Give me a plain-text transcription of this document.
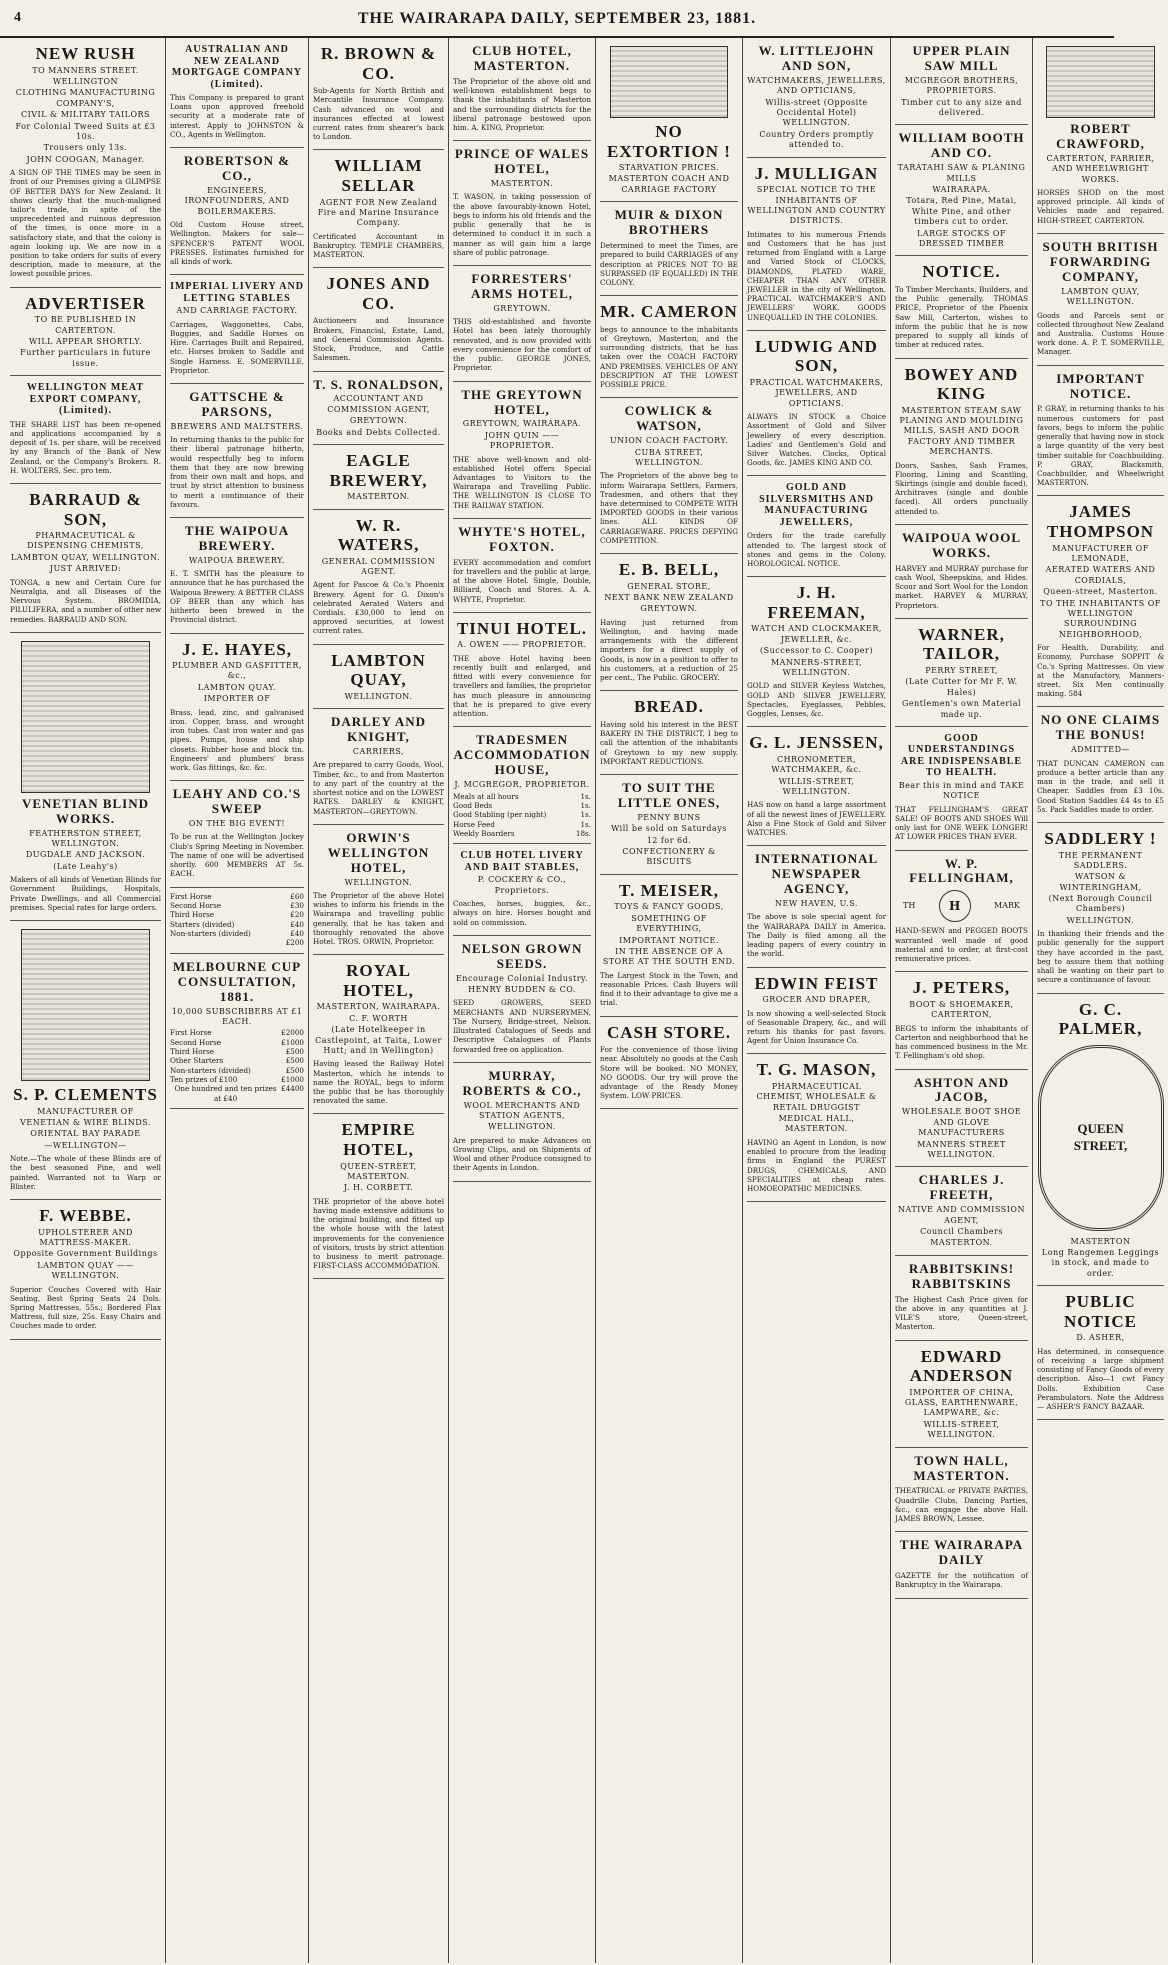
4	THE WAIRARAPA DAILY, SEPTEMBER 23, 1881.
NEW RUSH
TO MANNERS STREET.
WELLINGTON
CLOTHING MANUFACTURING COMPANY'S,
CIVIL & MILITARY TAILORS
For Colonial Tweed Suits at £3 10s.
Trousers only 13s.
JOHN COOGAN, Manager.
A SIGN OF THE TIMES may be seen in front of our Premises giving a GLIMPSE OF BETTER DAYS for New Zealand. It shows clearly that the much-maligned tailor's trade, in spite of the unprecedented and ruinous depression of the times, is once more in a satisfactory state, and that the colony is again looking up. We are now in a position to take orders for suits of every description, made to measure, at the lowest possible prices.
ADVERTISER
TO BE PUBLISHED IN CARTERTON.
WILL APPEAR SHORTLY.
Further particulars in future issue.
WELLINGTON MEAT EXPORT COMPANY, (Limited).
THE SHARE LIST has been re-opened and applications accompanied by a deposit of 1s. per share, will be received by any Branch of the Bank of New Zealand, or the Company's Brokers. R. H. WOLTERS, Sec. pro tem.
BARRAUD & SON,
PHARMACEUTICAL & DISPENSING CHEMISTS,
LAMBTON QUAY, WELLINGTON.
JUST ARRIVED:
TONGA, a new and Certain Cure for Neuralgia, and all Diseases of the Nervous System. BROMIDIA, PILULIFERA, and a number of other new remedies. BARRAUD AND SON.
VENETIAN BLIND WORKS.
FEATHERSTON STREET, WELLINGTON.
DUGDALE AND JACKSON.
(Late Leahy's)
Makers of all kinds of Venetian Blinds for Government Buildings, Hospitals, Private Dwellings, and all Commercial premises. Special rates for large orders.
S. P. CLEMENTS
MANUFACTURER OF
VENETIAN & WIRE BLINDS.
ORIENTAL BAY PARADE
—WELLINGTON—
Note.—The whole of these Blinds are of the best seasoned Pine, and well painted. Warranted not to Warp or Blister.
F. WEBBE.
UPHOLSTERER AND MATTRESS-MAKER.
Opposite Government Buildings
LAMBTON QUAY —— WELLINGTON.
Superior Couches Covered with Hair Seating, Best Spring Seats 24 Dols. Spring Mattresses, 55s.; Bordered Flax Mattress, full size, 25s. Easy Chairs and Couches made to order.
AUSTRALIAN AND NEW ZEALAND MORTGAGE COMPANY (Limited).
This Company is prepared to grant Loans upon approved freehold security at a moderate rate of interest. Apply to JOHNSTON & CO., Agents in Wellington.
ROBERTSON & CO.,
ENGINEERS, IRONFOUNDERS, AND BOILERMAKERS.
Old Custom House street, Wellington. Makers for sale— SPENCER'S PATENT WOOL PRESSES. Estimates furnished for all kinds of work.
IMPERIAL LIVERY AND LETTING STABLES
AND CARRIAGE FACTORY.
Carriages, Waggonettes, Cabs, Buggies, and Saddle Horses on Hire. Carriages Built and Repaired, etc. Horses broken to Saddle and Single Harness. E. SOMERVILLE, Proprietor.
GATTSCHE & PARSONS,
BREWERS AND MALTSTERS.
In returning thanks to the public for their liberal patronage hitherto, would respectfully beg to inform them that they are now brewing from their own malt and hops, and trust by strict attention to business to merit a continuance of their favours.
THE WAIPOUA BREWERY.
WAIPOUA BREWERY.
E. T. SMITH has the pleasure to announce that he has purchased the Waipoua Brewery. A BETTER CLASS OF BEER than any which has hitherto been brewed in the Provincial district.
J. E. HAYES,
PLUMBER AND GASFITTER, &c.,
LAMBTON QUAY.
IMPORTER OF
Brass, lead, zinc, and galvanised iron. Copper, brass, and wrought iron tubes. Cast iron water and gas pipes. Pumps, house and ship closets. Rubber hose and block tin. Engineers' and plumbers' brass work. Gas fittings, &c. &c.
LEAHY AND CO.'S SWEEP
ON THE BIG EVENT!
To be run at the Wellington Jockey Club's Spring Meeting in November. The name of one will be advertised shortly. 600 MEMBERS AT 5s. EACH.
First Horse	£60
Second Horse	£30
Third Horse	£20
Starters (divided)	£40
Non-starters (divided)	£40
£200
MELBOURNE CUP CONSULTATION, 1881.
10,000 SUBSCRIBERS AT £1 EACH.
First Horse	£2000
Second Horse	£1000
Third Horse	£500
Other Starters	£500
Non-starters (divided)	£500
Ten prizes of £100	£1000
One hundred and ten prizes at £40
£4400
R. BROWN & CO.
Sub-Agents for North British and Mercantile Insurance Company. Cash advanced on wool and insurances effected at lowest current rates from shearer's back to London.
WILLIAM SELLAR
AGENT FOR New Zealand Fire and Marine Insurance Company.
Certificated Accountant in Bankruptcy. TEMPLE CHAMBERS, MASTERTON.
JONES AND CO.
Auctioneers and Insurance Brokers, Financial, Estate, Land, and General Commission Agents. Stock, Produce, and Cattle Salesmen.
T. S. RONALDSON,
ACCOUNTANT AND COMMISSION AGENT,
GREYTOWN.
Books and Debts Collected.
EAGLE BREWERY,
MASTERTON.
W. R. WATERS,
GENERAL COMMISSION AGENT.
Agent for Pascoe & Co.'s Phoenix Brewery. Agent for G. Dixon's celebrated Aerated Waters and Cordials. £30,000 to lend on approved securities, at lowest current rates.
LAMBTON QUAY,
WELLINGTON.
DARLEY AND KNIGHT,
CARRIERS,
Are prepared to carry Goods, Wool, Timber, &c., to and from Masterton to any part of the country at the shortest notice and on the LOWEST RATES. DARLEY & KNIGHT, MASTERTON—GREYTOWN.
ORWIN'S WELLINGTON HOTEL,
WELLINGTON.
The Proprietor of the above Hotel wishes to inform his friends in the Wairarapa and travelling public generally, that he has taken and thoroughly renovated the above Hotel. TROS. ORWIN, Proprietor.
ROYAL HOTEL,
MASTERTON, WAIRARAPA.
C. F. WORTH
(Late Hotelkeeper in Castlepoint, at Taita, Lower Hutt; and in Wellington)
Having leased the Railway Hotel Masterton, which he intends to name the ROYAL, begs to inform the public that he has thoroughly renovated the same.
EMPIRE HOTEL,
QUEEN-STREET, MASTERTON.
J. H. CORBETT.
THE proprietor of the above hotel having made extensive additions to the original building, and fitted up the whole house with the latest improvements for the convenience of visitors, trusts by strict attention to business to merit patronage. FIRST-CLASS ACCOMMODATION.
CLUB HOTEL, MASTERTON.
The Proprietor of the above old and well-known establishment begs to thank the inhabitants of Masterton and the surrounding districts for the liberal patronage bestowed upon him. A. KING, Proprietor.
PRINCE OF WALES HOTEL,
MASTERTON.
T. WASON, in taking possession of the above favourably-known Hotel, begs to inform his old friends and the public generally that he is determined to conduct it in such a manner as will gain him a large share of public patronage.
FORRESTERS' ARMS HOTEL,
GREYTOWN.
THIS old-established and favorite Hotel has been lately thoroughly renovated, and is now provided with every convenience for the comfort of the public. GEORGE JONES, Proprietor.
THE GREYTOWN HOTEL,
GREYTOWN, WAIRARAPA.
JOHN QUIN —— PROPRIETOR.
THE above well-known and old-established Hotel offers Special Advantages to Visitors to the Wairarapa and Travelling Public. THE WELLINGTON IS CLOSE TO THE RAILWAY STATION.
WHYTE'S HOTEL, FOXTON.
EVERY accommodation and comfort for travellers and the public at large, at the above Hotel. Single, Double, Billiard, Coach and Stores. A. A. WHYTE, Proprietor.
TINUI HOTEL.
A. OWEN —— PROPRIETOR.
THE above Hotel having been recently built and enlarged, and fitted with every convenience for travellers and families, the proprietor has much pleasure in announcing that he is prepared to give every attention.
TRADESMEN ACCOMMODATION HOUSE,
J. MCGREGOR, PROPRIETOR.
Meals at all hours	1s.
Good Beds	1s.
Good Stabling (per night)	1s.
Horse Feed	1s.
Weekly Boarders	18s.
CLUB HOTEL LIVERY AND BAIT STABLES,
P. COCKERY & CO., Proprietors.
Coaches, horses, buggies, &c., always on hire. Horses bought and sold on commission.
NELSON GROWN SEEDS.
Encourage Colonial Industry.
HENRY BUDDEN & CO.
SEED GROWERS, SEED MERCHANTS AND NURSERYMEN, The Nursery, Bridge-street, Nelson. Illustrated Catalogues of Seeds and Descriptive Catalogues of Plants forwarded free on application.
MURRAY, ROBERTS & CO.,
WOOL MERCHANTS AND STATION AGENTS,
WELLINGTON.
Are prepared to make Advances on Growing Clips, and on Shipments of Wool and other Produce consigned to their Agents in London.
NO EXTORTION !
STARVATION PRICES.
MASTERTON COACH AND CARRIAGE FACTORY
MUIR & DIXON BROTHERS
Determined to meet the Times, are prepared to build CARRIAGES of any description at PRICES NOT TO BE SURPASSED (IF EQUALLED) IN THE COLONY.
MR. CAMERON
begs to announce to the inhabitants of Greytown, Masterton, and the surrounding districts, that he has taken over the COACH FACTORY AND PREMISES. VEHICLES OF ANY DESCRIPTION AT THE LOWEST POSSIBLE PRICE.
COWLICK & WATSON,
UNION COACH FACTORY.
CUBA STREET, WELLINGTON.
The Proprietors of the above beg to inform Wairarapa Settlers, Farmers, Tradesmen, and others that they have determined to COMPETE WITH IMPORTED GOODS in their various lines. ALL KINDS OF CARRIAGEWARE. PRICES DEFYING COMPETITION.
E. B. BELL,
GENERAL STORE,
NEXT BANK NEW ZEALAND
GREYTOWN.
Having just returned from Wellington, and having made arrangements with the different importers for a direct supply of Goods, is now in a position to offer to his customers, at a reduction of 25 per cent., The Public. GROCERY.
BREAD.
Having sold his interest in the BEST BAKERY IN THE DISTRICT, I beg to call the attention of the inhabitants of Greytown to my new supply. IMPORTANT REDUCTIONS.
TO SUIT THE LITTLE ONES,
PENNY BUNS
Will be sold on Saturdays
12 for 6d.
CONFECTIONERY & BISCUITS
T. MEISER,
TOYS & FANCY GOODS,
SOMETHING OF EVERYTHING,
IMPORTANT NOTICE.
IN THE ABSENCE OF A STORE AT THE SOUTH END.
The Largest Stock in the Town, and reasonable Prices. Cash Buyers will find it to their advantage to give me a trial.
CASH STORE.
For the convenience of those living near. Absolutely no goods at the Cash Store will be booked. NO MONEY, NO GOODS. Our try will prove the advantage of the Ready Money System. LOW PRICES.
W. LITTLEJOHN AND SON,
WATCHMAKERS, JEWELLERS, AND OPTICIANS,
Willis-street (Opposite Occidental Hotel) WELLINGTON.
Country Orders promptly attended to.
J. MULLIGAN
SPECIAL NOTICE TO THE INHABITANTS OF WELLINGTON AND COUNTRY DISTRICTS.
Intimates to his numerous Friends and Customers that he has just returned from England with a Large and Varied Stock of CLOCKS, DIAMONDS, PLATED WARE, CHEAPER THAN ANY OTHER JEWELLER in the city of Wellington. PRACTICAL WATCHMAKER'S AND JEWELLERS' WORK. GOODS UNEQUALLED IN THE COLONIES.
LUDWIG AND SON,
PRACTICAL WATCHMAKERS, JEWELLERS, AND OPTICIANS.
ALWAYS IN STOCK a Choice Assortment of Gold and Silver Jewellery of every description. Ladies' and Gentlemen's Gold and Silver Watches. Clocks, Optical Goods, &c. JAMES KING AND CO.
GOLD AND SILVERSMITHS AND MANUFACTURING JEWELLERS,
Orders for the trade carefully attended to. The largest stock of stones and gems in the Colony. HOROLOGICAL NOTICE.
J. H. FREEMAN,
WATCH AND CLOCKMAKER, JEWELLER, &c.
(Successor to C. Cooper)
MANNERS-STREET, WELLINGTON.
GOLD and SILVER Keyless Watches, GOLD AND SILVER JEWELLERY, Spectacles, Eyeglasses, Pebbles, Goggles, Lenses, &c.
G. L. JENSSEN,
CHRONOMETER, WATCHMAKER, &c.
WILLIS-STREET, WELLINGTON.
HAS now on hand a large assortment of all the newest lines of JEWELLERY. Also a Fine Stock of Gold and Silver WATCHES.
INTERNATIONAL NEWSPAPER AGENCY,
NEW HAVEN, U.S.
The above is sole special agent for the WAIRARAPA DAILY in America. The Daily is filed among all the leading papers of every country in the world.
EDWIN FEIST
GROCER AND DRAPER,
Is now showing a well-selected Stock of Seasonable Drapery, &c., and will return his thanks for past favors. Agent for Union Insurance Co.
T. G. MASON,
PHARMACEUTICAL CHEMIST, WHOLESALE & RETAIL DRUGGIST
MEDICAL HALL, MASTERTON.
HAVING an Agent in London, is now enabled to procure from the leading firms in England the PUREST DRUGS, CHEMICALS, AND SPECIALITIES at cheap rates. HOMOEOPATHIC MEDICINES.
UPPER PLAIN SAW MILL
MCGREGOR BROTHERS, PROPRIETORS.
Timber cut to any size and delivered.
WILLIAM BOOTH AND CO.
TARATAHI SAW & PLANING MILLS
WAIRARAPA.
Totara, Red Pine, Matai, White Pine, and other timbers cut to order.
LARGE STOCKS OF DRESSED TIMBER
NOTICE.
To Timber Merchants, Builders, and the Public generally. THOMAS PRICE, Proprietor of the Phoenix Saw Mill, Carterton, wishes to inform the public that he is now prepared to supply all kinds of timber at reduced rates.
BOWEY AND KING
MASTERTON STEAM SAW PLANING AND MOULDING MILLS, SASH AND DOOR FACTORY AND TIMBER MERCHANTS.
Doors, Sashes, Sash Frames, Flooring, Lining and Scantling, Skirtings (single and double faced), Architraves (single and double faced). All orders punctually attended to.
WAIPOUA WOOL WORKS.
HARVEY and MURRAY purchase for cash Wool, Sheepskins, and Hides. Scour and Sort Wool for the London market. HARVEY & MURRAY, Proprietors.
WARNER, TAILOR,
PERRY STREET,
(Late Cutter for Mr F. W. Hales)
Gentlemen's own Material made up.
GOOD UNDERSTANDINGS ARE INDISPENSABLE TO HEALTH.
Bear this in mind and TAKE NOTICE
THAT FELLINGHAM'S GREAT SALE! OF BOOTS AND SHOES Will only last for ONE WEEK LONGER! AT LOWER PRICES THAN EVER.
W. P. FELLINGHAM,
TH	H	MARK
HAND-SEWN and PEGGED BOOTS warranted well made of good material and to order, at first-cost remunerative prices.
J. PETERS,
BOOT & SHOEMAKER, CARTERTON,
BEGS to inform the inhabitants of Carterton and neighborhood that he has commenced business in the Mr. T. Fellingham's old shop.
ASHTON AND JACOB,
WHOLESALE BOOT SHOE AND GLOVE MANUFACTURERS
MANNERS STREET WELLINGTON.
CHARLES J. FREETH,
NATIVE AND COMMISSION AGENT,
Council Chambers
MASTERTON.
RABBITSKINS! RABBITSKINS
The Highest Cash Price given for the above in any quantities at J. VILE'S store, Queen-street, Masterton.
EDWARD ANDERSON
IMPORTER OF CHINA, GLASS, EARTHENWARE, LAMPWARE, &c.
WILLIS-STREET, WELLINGTON.
TOWN HALL, MASTERTON.
THEATRICAL or PRIVATE PARTIES, Quadrille Clubs, Dancing Parties, &c., can engage the above Hall. JAMES BROWN, Lessee.
THE WAIRARAPA DAILY
GAZETTE for the notification of Bankruptcy in the Wairarapa.
ROBERT CRAWFORD,
CARTERTON, FARRIER, AND WHEELWRIGHT WORKS.
HORSES SHOD on the most approved principle. All kinds of Vehicles made and repaired. HIGH-STREET, CARTERTON.
SOUTH BRITISH FORWARDING COMPANY,
LAMBTON QUAY, WELLINGTON.
Goods and Parcels sent or collected throughout New Zealand and Australia. Customs House work done. A. P. T. SOMERVILLE, Manager.
IMPORTANT NOTICE.
P. GRAY, in returning thanks to his numerous customers for past favors, begs to inform the public generally that having now in stock a large quantity of the very best timber suitable for Coachbuilding. P. GRAY, Blacksmith, Coachbuilder, and Wheelwright MASTERTON.
JAMES THOMPSON
MANUFACTURER OF LEMONADE,
AERATED WATERS AND CORDIALS,
Queen-street, Masterton.
TO THE INHABITANTS OF WELLINGTON SURROUNDING NEIGHBORHOOD,
For Health, Durability, and Economy, Purchase SOPPIT & Co.'s Spring Mattresses. On view at the Manufactory, Manners-street. Six Men continually making. 584
NO ONE CLAIMS THE BONUS!
ADMITTED—
THAT DUNCAN CAMERON can produce a better article than any man in the trade, and sell it Cheaper. Saddles from £3 10s. Good Station Saddles £4 4s to £5 5s. Pack Saddles made to order.
SADDLERY !
THE PERMANENT SADDLERS.
WATSON & WINTERINGHAM,
(Next Borough Council Chambers)
WELLINGTON.
In thanking their friends and the public generally for the support they have accorded in the past, beg to assure them that nothing shall be wanting on their part to secure a continuance of favour.
G. C. PALMER,
QUEEN
STREET,
MASTERTON
Long Rangemen Leggings in stock, and made to order.
PUBLIC NOTICE
D. ASHER,
Has determined, in consequence of receiving a large shipment consisting of Fancy Goods of every description. Also—1 cwt Fancy Dolls. Exhibition Case Perambulators. Note the Address— ASHER'S FANCY BAZAAR.
